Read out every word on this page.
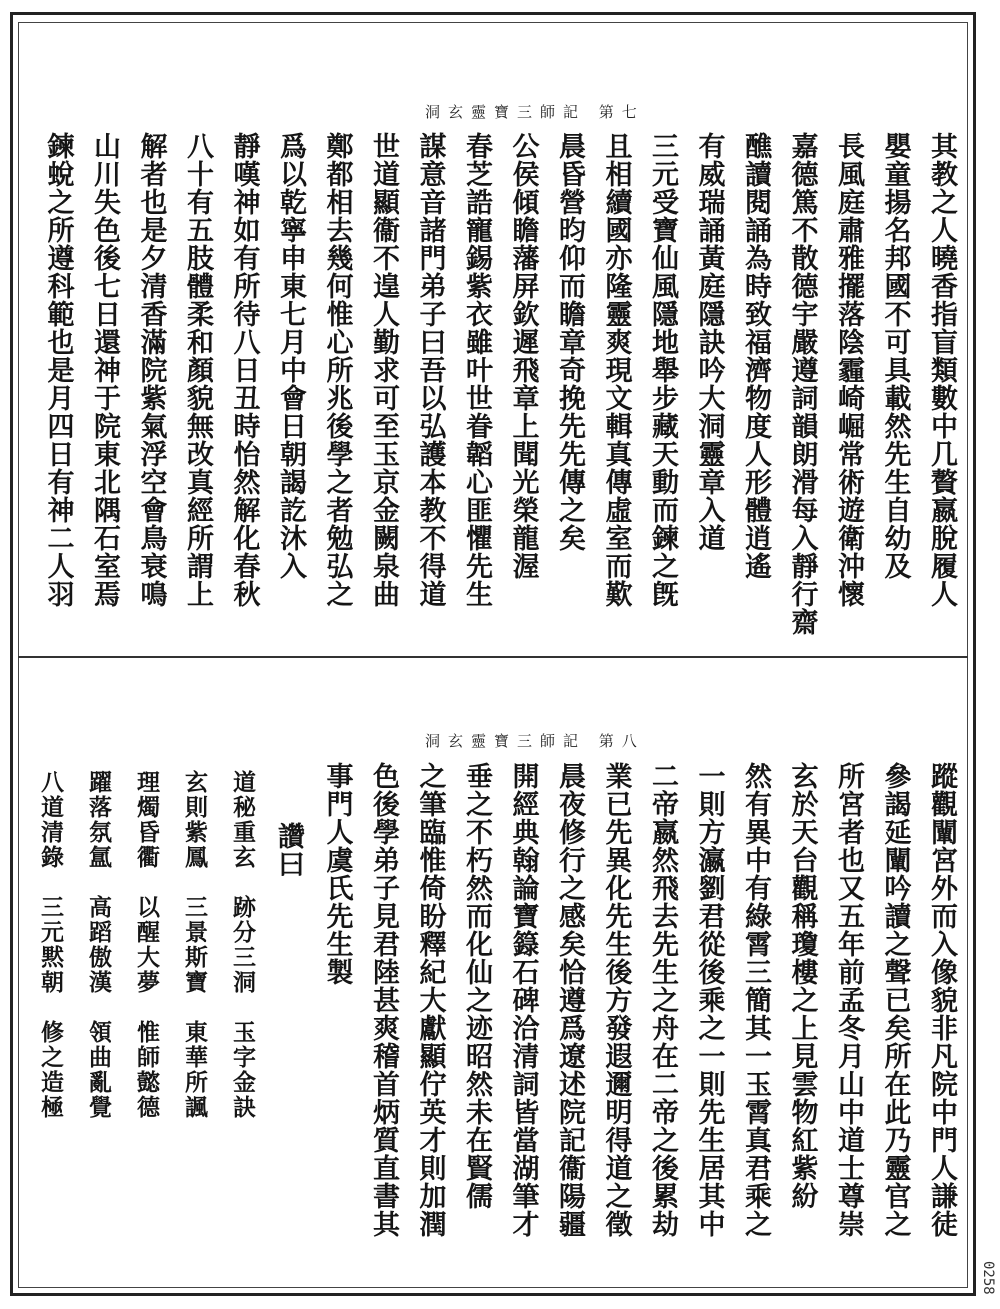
洞玄靈寶三師記 第七
其教之人曉香指盲類數中几贅嬴脫履人
嬰童揚名邦國不可具載然先生自幼及
長風庭肅雅擺落陰霾崎崛常術遊衛沖懷
嘉德篤不散德宇嚴遵詞韻朗滑每入靜行齋
醮讀閱誦為時致福濟物度人形體逍遙
有威瑞誦黃庭隱訣吟大洞靈章入道
三元受寶仙風隱地舉步藏天動而鍊之旣
且相續國亦隆靈爽現文輯真傳虛室而歎
晨昏營昀仰而瞻章奇挽先先傳之矣
公侯傾瞻藩屏欽遲飛章上聞光榮龍渥
春芝誥寵錫紫衣雖叶世眷韜心匪懼先生
謀意音諸門弟子曰吾以弘護本教不得道
世道顯衞不遑人勤求可至玉京金闕泉曲
鄭都相去幾何惟心所兆後學之者勉弘之
爲以乾寧申東七月中會日朝謁訖沐入
靜嘆神如有所待八日丑時怡然解化春秋
八十有五肢體柔和顏貌無改真經所謂上
解者也是夕清香滿院紫氣浮空會鳥衰鳴
山川失色後七日還神于院東北隅石室焉
鍊蛻之所遵科範也是月四日有神二人羽
洞玄靈寶三師記 第八
蹤觀闡宮外而入像貌非凡院中門人謙徒
參謁延闡吟讀之聲已矣所在此乃靈官之
所宮者也又五年前孟冬月山中道士尊崇
玄於天台觀稱瓊樓之上見雲物紅紫紛
然有異中有綠霄三簡其一玉霄真君乘之
一則方瀛劉君從後乘之一則先生居其中
二帝嬴然飛去先生之舟在二帝之後累劫
業已先異化先生後方發遐邇明得道之徵
晨夜修行之感矣恰遵爲遼述院記衞陽疆
開經典翰論寶籙石碑洽清詞皆當湖筆才
垂之不朽然而化仙之迹昭然未在賢儒
之筆臨惟倚盼釋紀大獻顯佇英才則加潤
色後學弟子見君陸甚爽稽首炳質直書其
事門人虞氏先生製
讚曰
道秘重玄　跡分三洞　玉字金訣
玄則紫鳳　三景斯寶　東華所諷
理燭昏衢　以醒大夢　惟師懿德
躍落氛氲　高蹈傲漢　領曲亂覺
八道清錄　三元黙朝　修之造極
0258
